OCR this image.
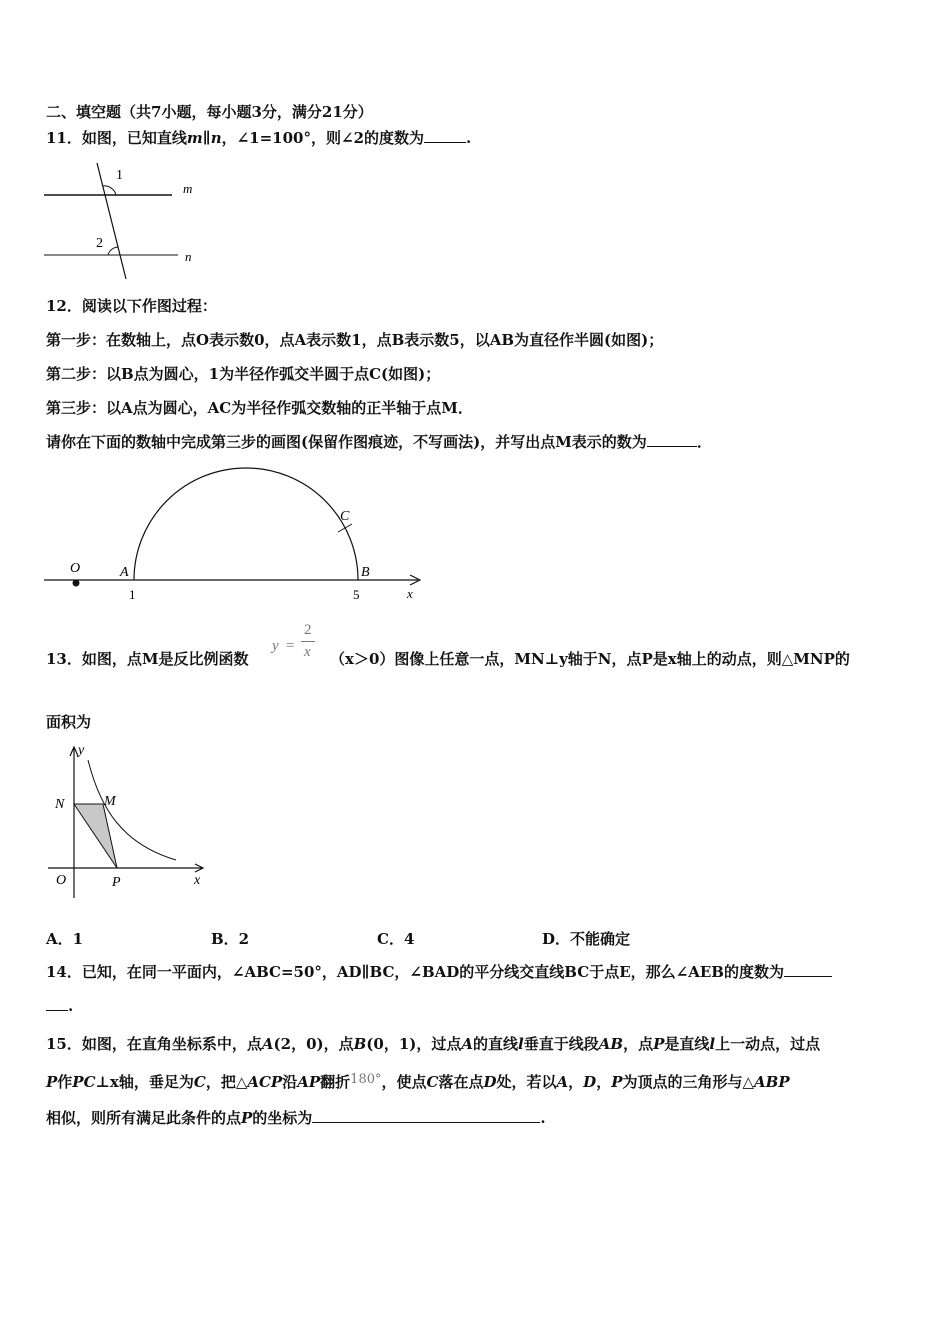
二、填空题（共7小题，每小题3分，满分21分）
11．如图，已知直线m∥n，∠1=100°，则∠2的度数为	.
1
2
m
n
12．阅读以下作图过程：
第一步：在数轴上，点O表示数0，点A表示数1，点B表示数5，以AB为直径作半圆(如图)；
第二步：以B点为圆心，1为半径作弧交半圆于点C(如图)；
第三步：以A点为圆心，AC为半径作弧交数轴的正半轴于点M．
请你在下面的数轴中完成第三步的画图(保留作图痕迹，不写画法)，并写出点M表示的数为	．
O	A	B
C
1	5	x
y =
2
x
13．如图，点M是反比例函数	（x＞0）图像上任意一点，MN⊥y轴于N，点P是x轴上的动点，则△MNP的
面积为
y
N	M
O	P	x
A．1	B．2	C．4	D．不能确定
14．已知，在同一平面内，∠ABC=50°，AD∥BC，∠BAD的平分线交直线BC于点E，那么∠AEB的度数为
.
15．如图，在直角坐标系中，点A(2，0)，点B(0，1)，过点A的直线l垂直于线段AB，点P是直线l上一动点，过点
P作PC⊥x轴，垂足为C，把△ACP沿AP翻折180°，使点C落在点D处，若以A，D，P为顶点的三角形与△ABP
相似，则所有满足此条件的点P的坐标为	.
